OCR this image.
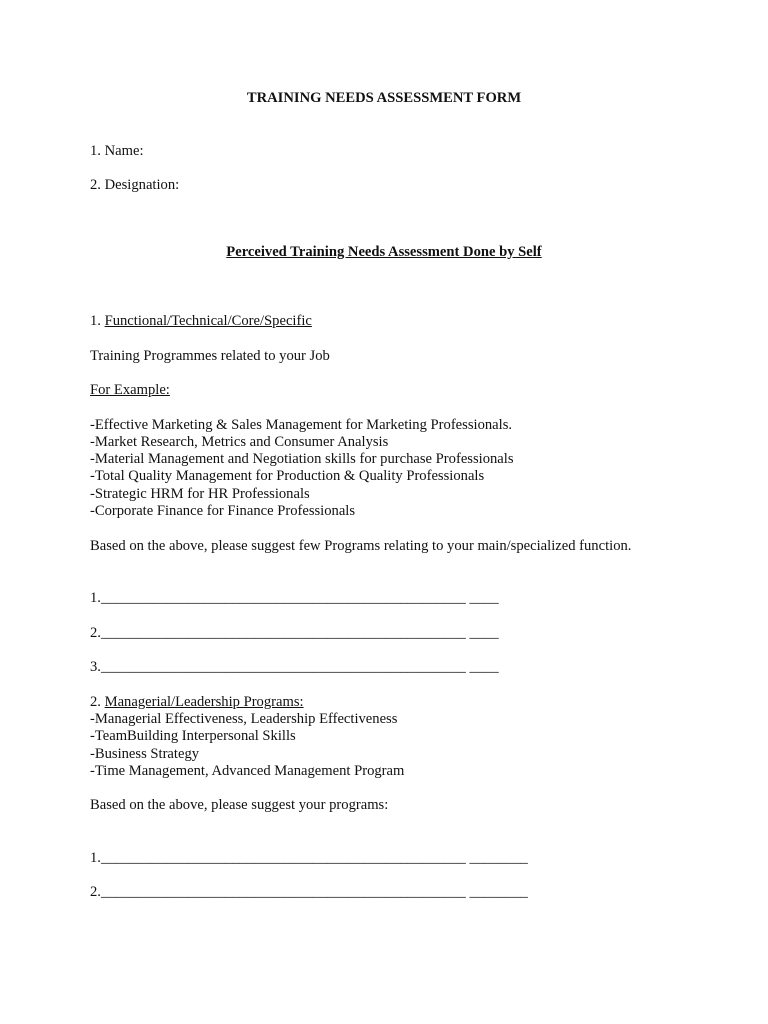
TRAINING NEEDS ASSESSMENT FORM
1. Name:
2. Designation:
Perceived Training Needs Assessment Done by Self
1. Functional/Technical/Core/Specific
Training Programmes related to your Job
For Example:
-Effective Marketing & Sales Management for Marketing Professionals.
-Market Research, Metrics and Consumer Analysis
-Material Management and Negotiation skills for purchase Professionals
-Total Quality Management for Production & Quality Professionals
-Strategic HRM for HR Professionals
-Corporate Finance for Finance Professionals
Based on the above, please suggest few Programs relating to your main/specialized function.
1.__________________________________________________ ____
2.__________________________________________________ ____
3.__________________________________________________ ____
2. Managerial/Leadership Programs:
-Managerial Effectiveness, Leadership Effectiveness
-TeamBuilding Interpersonal Skills
-Business Strategy
-Time Management, Advanced Management Program
Based on the above, please suggest your programs:
1.__________________________________________________ ________
2.__________________________________________________ ________
